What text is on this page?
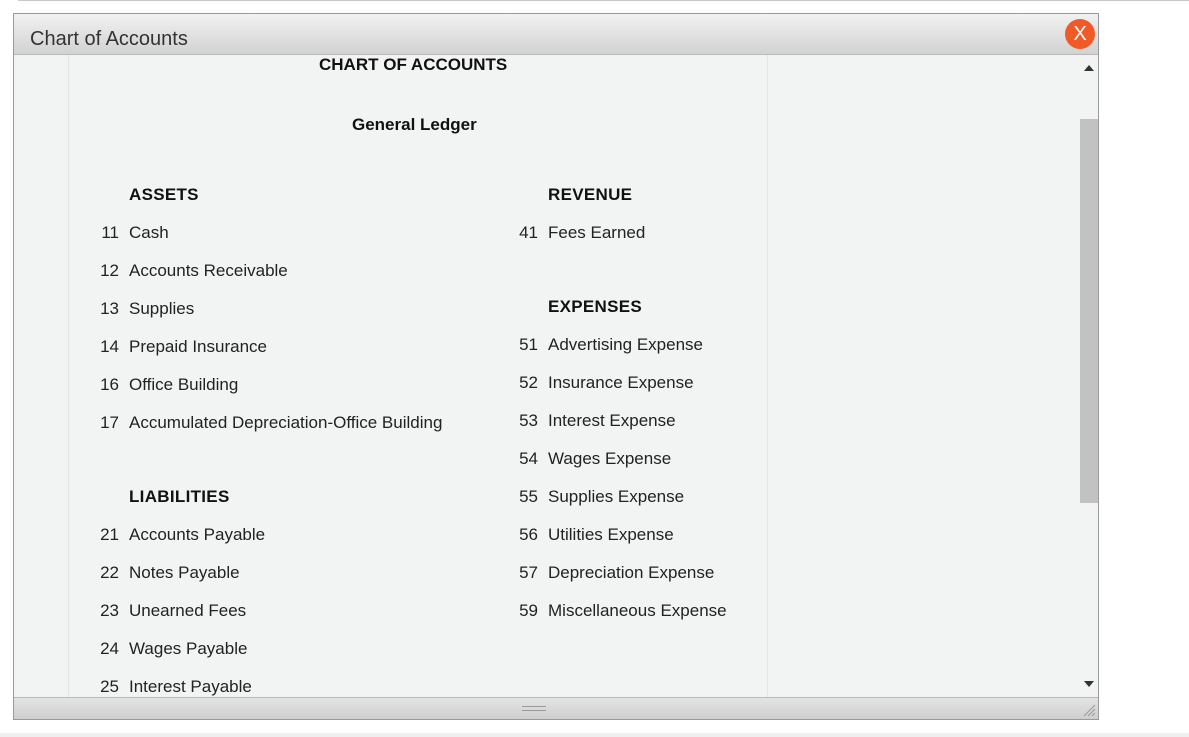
Chart of Accounts	X
CHART OF ACCOUNTS
General Ledger
ASSETS
11 Cash
12 Accounts Receivable
13 Supplies
14 Prepaid Insurance
16 Office Building
17 Accumulated Depreciation-Office Building
LIABILITIES
21 Accounts Payable
22 Notes Payable
23 Unearned Fees
24 Wages Payable
25 Interest Payable
REVENUE
41 Fees Earned
EXPENSES
51 Advertising Expense
52 Insurance Expense
53 Interest Expense
54 Wages Expense
55 Supplies Expense
56 Utilities Expense
57 Depreciation Expense
59 Miscellaneous Expense
